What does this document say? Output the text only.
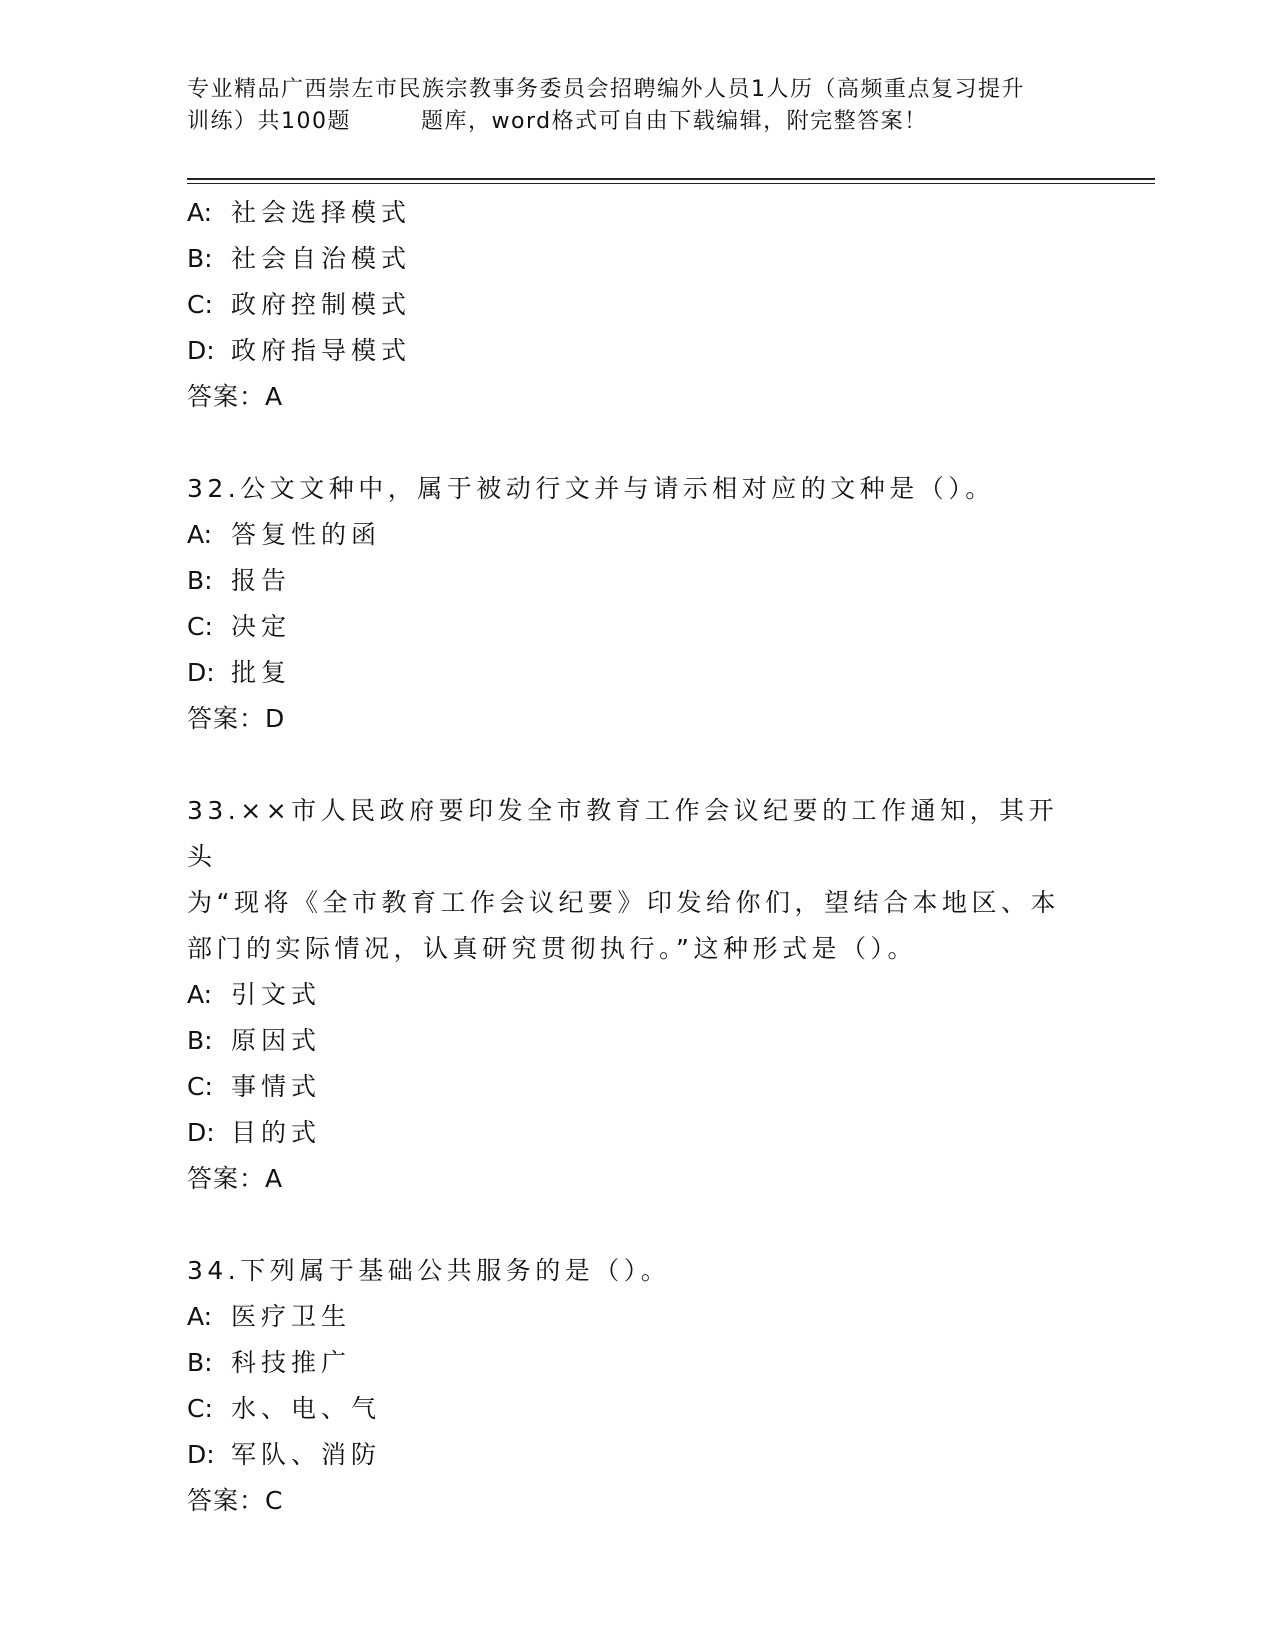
专业精品广西崇左市民族宗教事务委员会招聘编外人员1人历（高频重点复习提升
训练）共100题	题库，word格式可自由下载编辑，附完整答案！
A: 社会选择模式
B: 社会自治模式
C: 政府控制模式
D: 政府指导模式
答案：A
32.公文文种中，属于被动行文并与请示相对应的文种是（）。
A: 答复性的函
B: 报告
C: 决定
D: 批复
答案：D
33.××市人民政府要印发全市教育工作会议纪要的工作通知，其开头
为“现将《全市教育工作会议纪要》印发给你们，望结合本地区、本
部门的实际情况，认真研究贯彻执行。”这种形式是（）。
A: 引文式
B: 原因式
C: 事情式
D: 目的式
答案：A
34.下列属于基础公共服务的是（）。
A: 医疗卫生
B: 科技推广
C: 水、电、气
D: 军队、消防
答案：C
